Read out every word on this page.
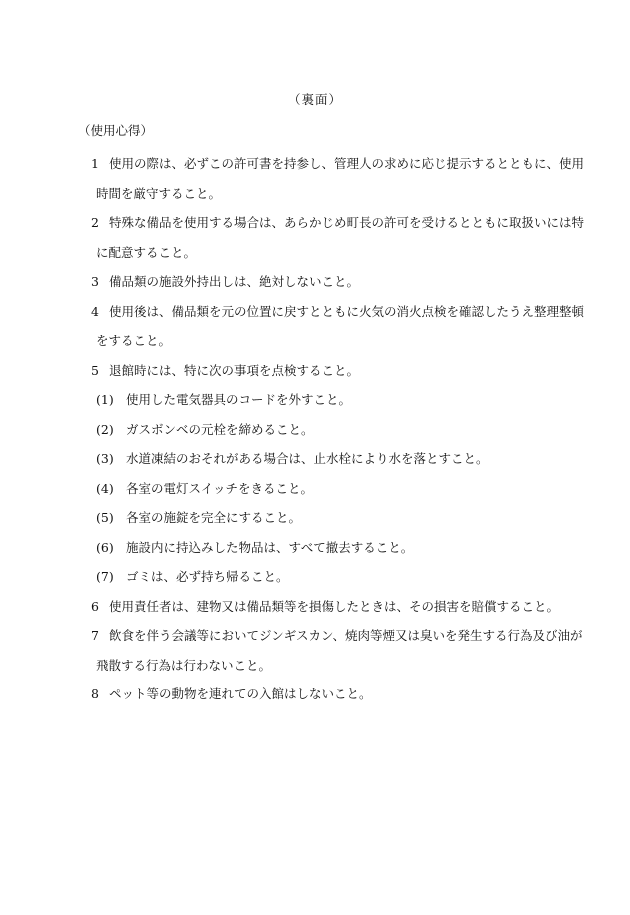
（裏面）
（使用心得）
1 使用の際は、必ずこの許可書を持参し、管理人の求めに応じ提示するとともに、使用
時間を厳守すること。
2 特殊な備品を使用する場合は、あらかじめ町長の許可を受けるとともに取扱いには特
に配意すること。
3 備品類の施設外持出しは、絶対しないこと。
4 使用後は、備品類を元の位置に戻すとともに火気の消火点検を確認したうえ整理整頓
をすること。
5 退館時には、特に次の事項を点検すること。
(1) 使用した電気器具のコードを外すこと。
(2) ガスボンベの元栓を締めること。
(3) 水道凍結のおそれがある場合は、止水栓により水を落とすこと。
(4) 各室の電灯スイッチをきること。
(5) 各室の施錠を完全にすること。
(6) 施設内に持込みした物品は、すべて撤去すること。
(7) ゴミは、必ず持ち帰ること。
6 使用責任者は、建物又は備品類等を損傷したときは、その損害を賠償すること。
7 飲食を伴う会議等においてジンギスカン、焼肉等煙又は臭いを発生する行為及び油が
飛散する行為は行わないこと。
8 ペット等の動物を連れての入館はしないこと。
